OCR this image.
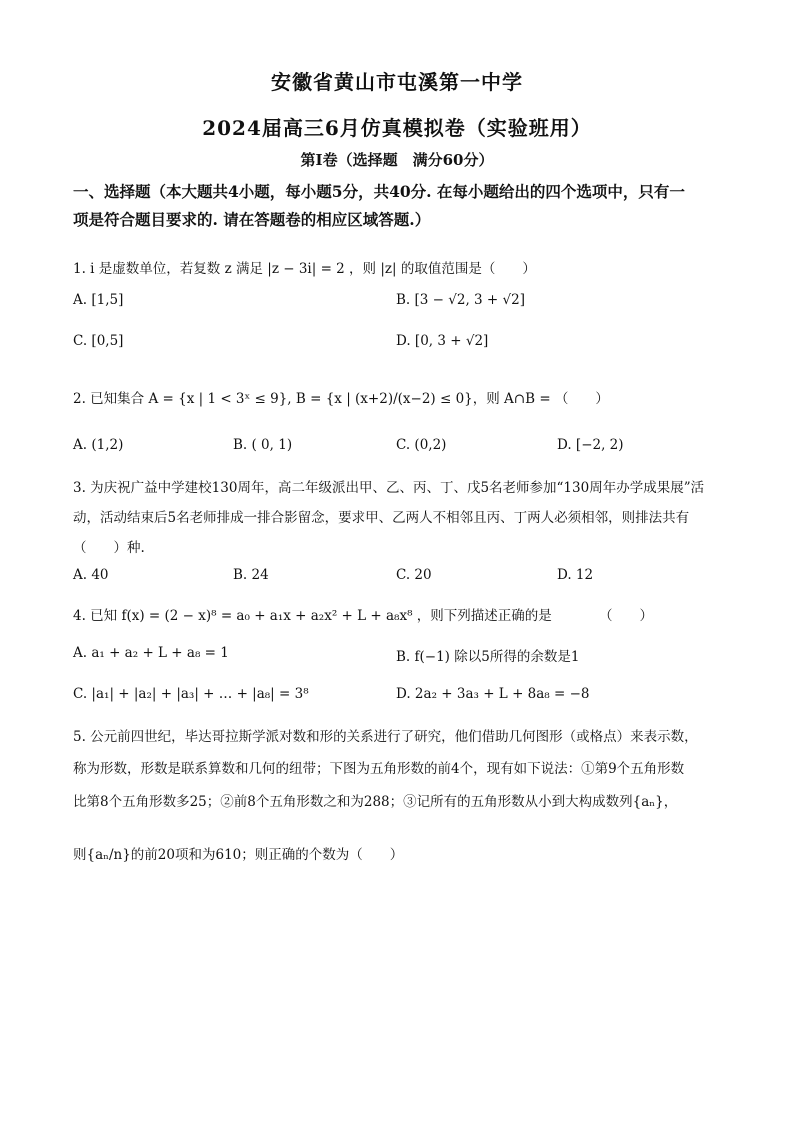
安徽省黄山市屯溪第一中学
2024届高三6月仿真模拟卷（实验班用）
第Ⅰ卷（选择题　满分60分）
一、选择题（本大题共4小题，每小题5分，共40分. 在每小题给出的四个选项中，只有一
项是符合题目要求的. 请在答题卷的相应区域答题.）
1. i 是虚数单位，若复数 z 满足 |z − 3i| = 2 ，则 |z| 的取值范围是（　　）
A. [1,5]	B. [3 − √2, 3 + √2]
C. [0,5]	D. [0, 3 + √2]
2. 已知集合 A = {x | 1 < 3ˣ ≤ 9}, B = {x | (x+2)/(x−2) ≤ 0}，则 A∩B = （　　）
A. (1,2)	B. ( 0, 1)	C. (0,2)	D. [−2, 2)
3. 为庆祝广益中学建校130周年，高二年级派出甲、乙、丙、丁、戊5名老师参加“130周年办学成果展”活
动，活动结束后5名老师排成一排合影留念，要求甲、乙两人不相邻且丙、丁两人必须相邻，则排法共有
（　　）种.
A. 40	B. 24	C. 20	D. 12
4. 已知 f(x) = (2 − x)⁸ = a₀ + a₁x + a₂x² + L + a₈x⁸ ，则下列描述正确的是　　　　（　　）
A. a₁ + a₂ + L + a₈ = 1	B. f(−1) 除以5所得的余数是1
C. |a₁| + |a₂| + |a₃| + … + |a₈| = 3⁸	D. 2a₂ + 3a₃ + L + 8a₈ = −8
5. 公元前四世纪，毕达哥拉斯学派对数和形的关系进行了研究，他们借助几何图形（或格点）来表示数，
称为形数，形数是联系算数和几何的纽带；下图为五角形数的前4个，现有如下说法：①第9个五角形数
比第8个五角形数多25；②前8个五角形数之和为288；③记所有的五角形数从小到大构成数列{aₙ}，
则{aₙ/n}的前20项和为610；则正确的个数为（　　）
